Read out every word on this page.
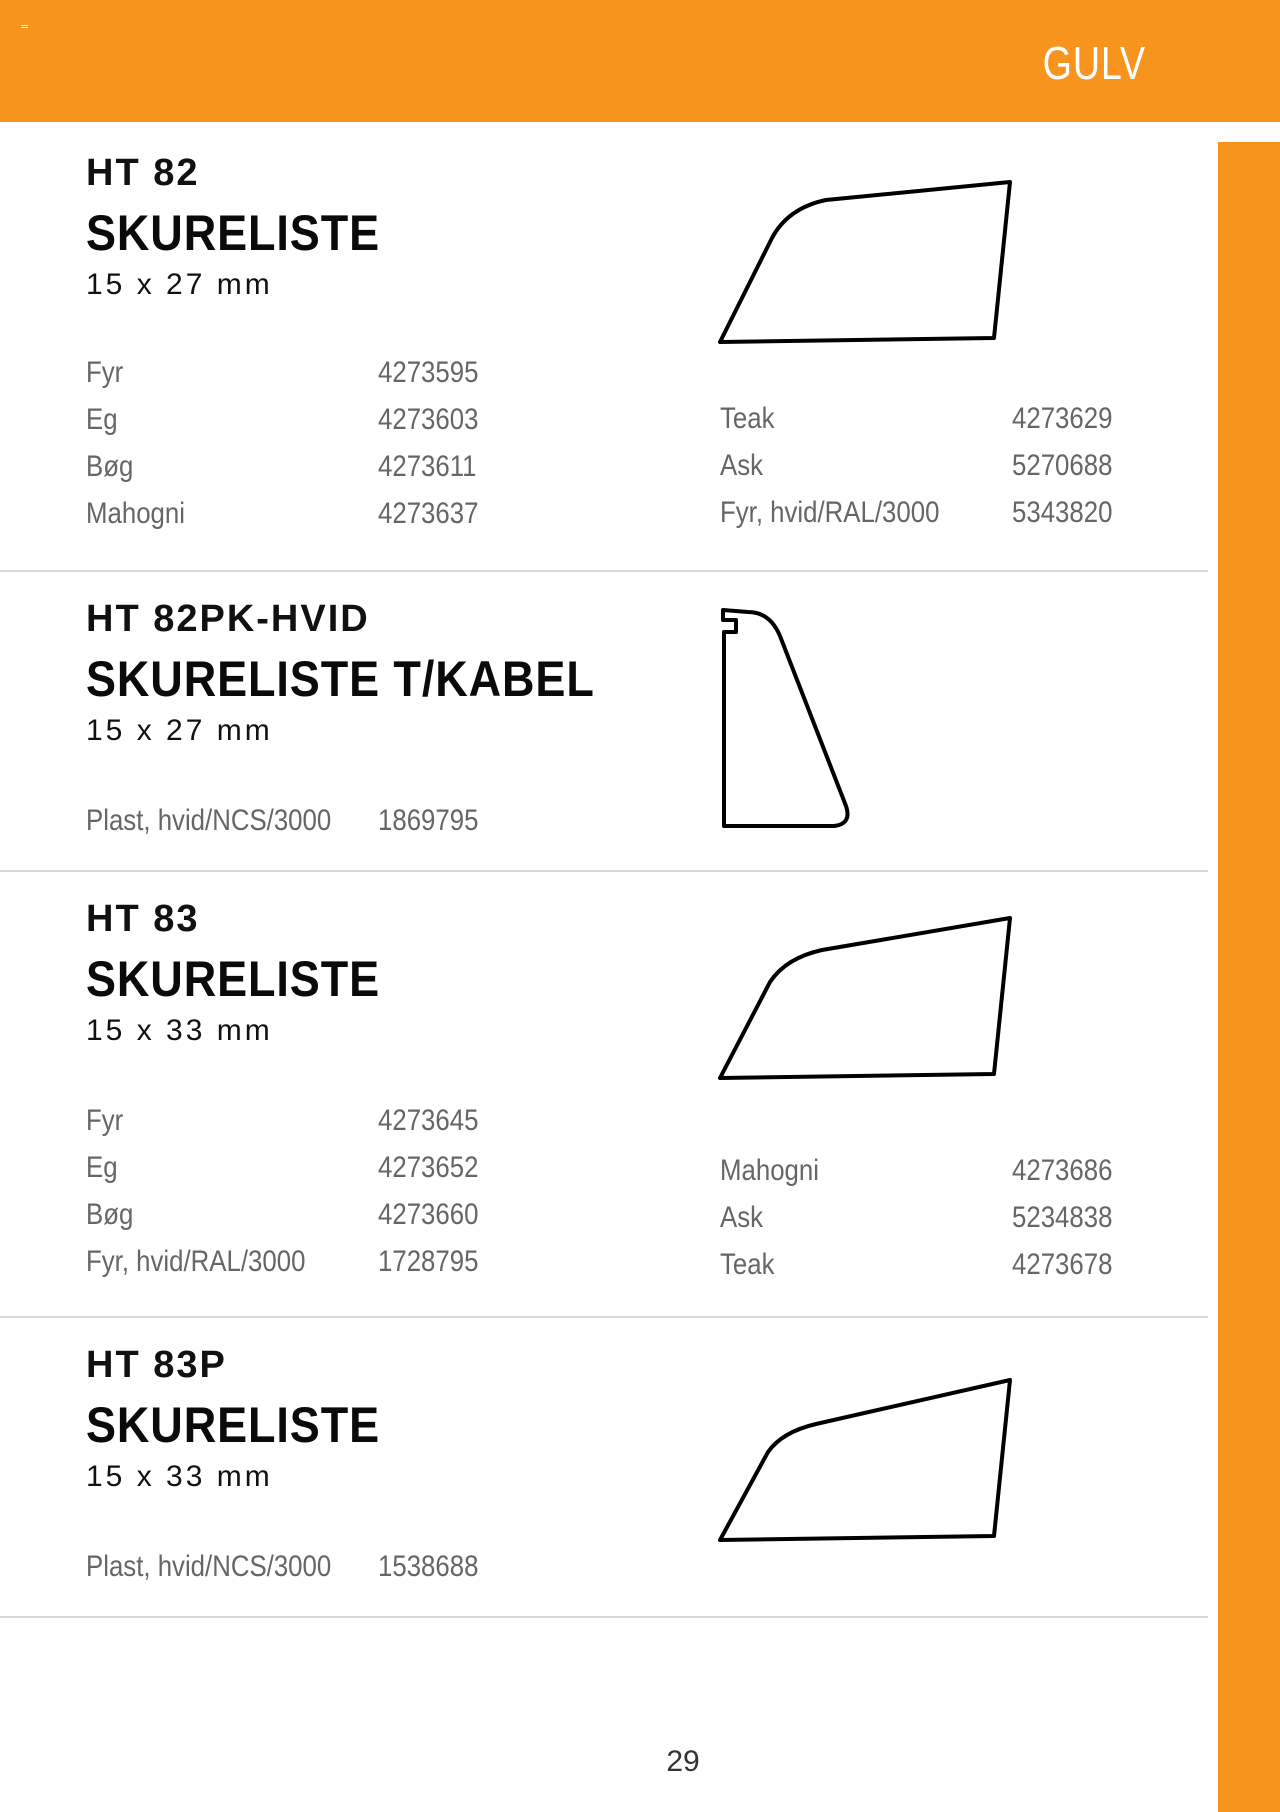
=
GULV
HT 82
SKURELISTE
15 x 27 mm
Fyr	4273595
Eg	4273603
Bøg	4273611
Mahogni	4273637
Teak	4273629
Ask	5270688
Fyr, hvid/RAL/3000 5343820
HT 82PK-HVID
SKURELISTE T/KABEL
15 x 27 mm
Plast, hvid/NCS/3000 1869795
HT 83
SKURELISTE
15 x 33 mm
Fyr	4273645
Eg	4273652
Bøg	4273660
Fyr, hvid/RAL/3000 1728795
Mahogni	4273686
Ask	5234838
Teak	4273678
HT 83P
SKURELISTE
15 x 33 mm
Plast, hvid/NCS/3000 1538688
29
